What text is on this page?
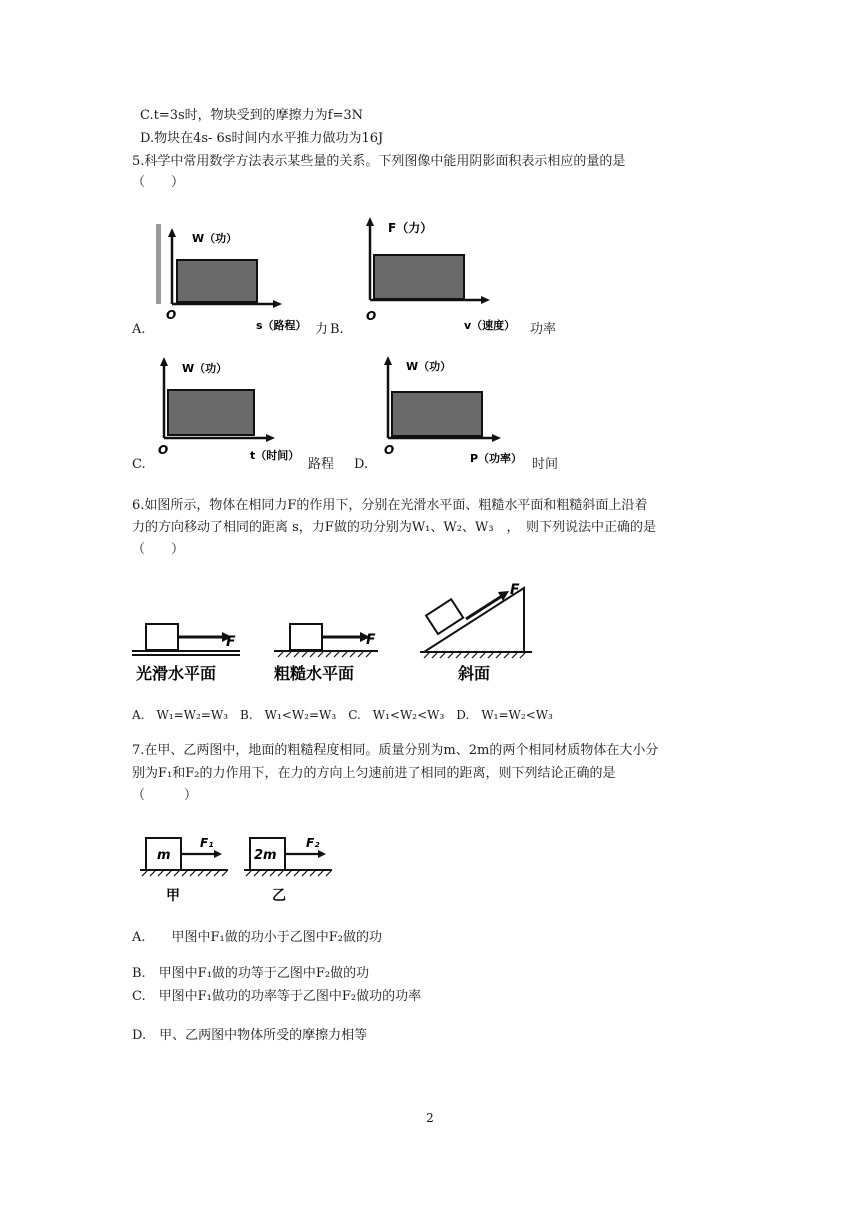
C.t=3s时，物块受到的摩擦力为f=3N
D.物块在4s- 6s时间内水平推力做功为16J
5.科学中常用数学方法表示某些量的关系。下列图像中能用阴影面积表示相应的量的是
（　　）
W（功）
O
s（路程）
A.	力 B.
F（力）
O
v（速度） 功率
W（功）
O	t（时间）
C.	路程 D.
W（功）
O
P（功率） 时间
6.如图所示，物体在相同力F的作用下，分别在光滑水平面、粗糙水平面和粗糙斜面上沿着
力的方向移动了相同的距离 s，力F做的功分别为W₁、W₂、W₃　，　则下列说法中正确的是
（　　）
F
光滑水平面
F
粗糙水平面
F
斜面
A.　W₁=W₂=W₃　B.　W₁<W₂=W₃　C.　W₁<W₂<W₃　D.　W₁=W₂<W₃
7.在甲、乙两图中，地面的粗糙程度相同。质量分别为m、2m的两个相同材质物体在大小分
别为F₁和F₂的力作用下，在力的方向上匀速前进了相同的距离，则下列结论正确的是
（　　　）
m
F₁
甲
2m
F₂
乙
A.　　甲图中F₁做的功小于乙图中F₂做的功
B.　甲图中F₁做的功等于乙图中F₂做的功
C.　甲图中F₁做功的功率等于乙图中F₂做功的功率
D.　甲、乙两图中物体所受的摩擦力相等
2
